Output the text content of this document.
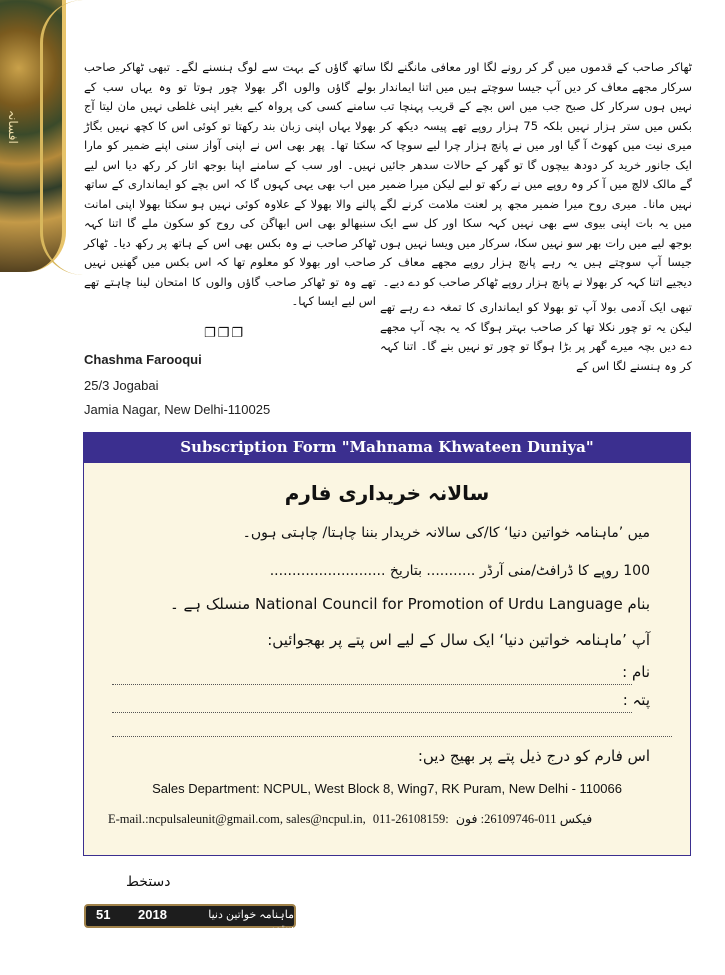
افسانہ

ٹھاکر صاحب کے قدموں میں گر کر رونے لگا اور معافی مانگنے لگا سرکار مجھے معاف کر دیں آپ جیسا سوچتے ہیں میں اتنا ایماندار نہیں ہوں سرکار کل صبح جب میں اس بچے کے قریب پہنچا تب بکس میں ستر ہزار نہیں بلکہ 75 ہزار روپے تھے پیسہ دیکھ کر میری نیت میں کھوٹ آ گیا اور میں نے پانچ ہزار چرا لیے سوچا کہ ایک جانور خرید کر دودھ بیچوں گا تو گھر کے حالات سدھر جائیں گے مالک لالچ میں آ کر وہ روپے میں نے رکھ تو لیے لیکن میرا ضمیر نہیں مانا۔ میری روح میرا ضمیر مجھ پر لعنت ملامت کرنے لگے میں یہ بات اپنی بیوی سے بھی نہیں کہہ سکا اور کل سے ایک بوجھ لیے میں رات بھر سو نہیں سکا، سرکار میں ویسا نہیں ہوں جیسا آپ سوچتے ہیں یہ رہے پانچ ہزار روپے مجھے معاف کر دیجیے اتنا کہہ کر بھولا نے پانچ ہزار روپے ٹھاکر صاحب کو دے دیے۔

تبھی ایک آدمی بولا آپ تو بھولا کو ایمانداری کا تمغہ دے رہے تھے لیکن یہ تو چور نکلا تھا کر صاحب بہتر ہوگا کہ یہ بچہ آپ مجھے دے دیں بچہ میرے گھر پر بڑا ہوگا تو چور تو نہیں بنے گا۔ اتنا کہہ کر وہ ہنسنے لگا اس کے

ساتھ گاؤں کے بہت سے لوگ ہنسنے لگے۔ تبھی ٹھاکر صاحب بولے گاؤں والوں اگر بھولا چور ہوتا تو وہ یہاں سب کے سامنے کسی کی پرواہ کیے بغیر اپنی غلطی نہیں مان لیتا آج بھولا یہاں اپنی زبان بند رکھتا تو کوئی اس کا کچھ نہیں بگاڑ سکتا تھا۔ پھر بھی اس نے اپنی آواز سنی اپنے ضمیر کو مارا نہیں۔ اور سب کے سامنے اپنا بوجھ اتار کر رکھ دیا اس لیے میں اب بھی یہی کہوں گا کہ اس بچے کو ایمانداری کے ساتھ پالنے والا بھولا کے علاوہ کوئی نہیں ہو سکتا بھولا اپنی امانت سنبھالو بھی اس ابھاگن کی روح کو سکون ملے گا اتنا کہہ ٹھاکر صاحب نے وہ بکس بھی اس کے ہاتھ پر رکھ دیا۔ ٹھاکر صاحب اور بھولا کو معلوم تھا کہ اس بکس میں گھنیں نہیں تھے وہ تو ٹھاکر صاحب گاؤں والوں کا امتحان لینا چاہتے تھے اس لیے ایسا کہا۔

❐❐❐
Chashma Farooqui
25/3 Jogabai
Jamia Nagar, New Delhi-110025
Subscription Form "Mahnama Khwateen Duniya"
سالانہ خریداری فارم
میں ’ماہنامہ خواتین دنیا‘ کا/کی سالانہ خریدار بننا چاہتا/ چاہتی ہوں۔
100 روپے کا ڈرافٹ/منی آرڈر ........... بتاریخ ..........................
بنام National Council for Promotion of Urdu Language منسلک ہے ۔
آپ ’ماہنامہ خواتین دنیا‘ ایک سال کے لیے اس پتے پر بھجوائیں:
نام :
پتہ :
اس فارم کو درج ذیل پتے پر بھیج دیں:
Sales Department: NCPUL, West Block 8, Wing7, RK Puram, New Delhi - 110066
E-mail.:ncpulsaleunit@gmail.com, sales@ncpul.in, 011-26108159: فیکس 011-26109746: فون
دستخط
51 2018	ماہنامہ خواتین دنیا ستمبر
